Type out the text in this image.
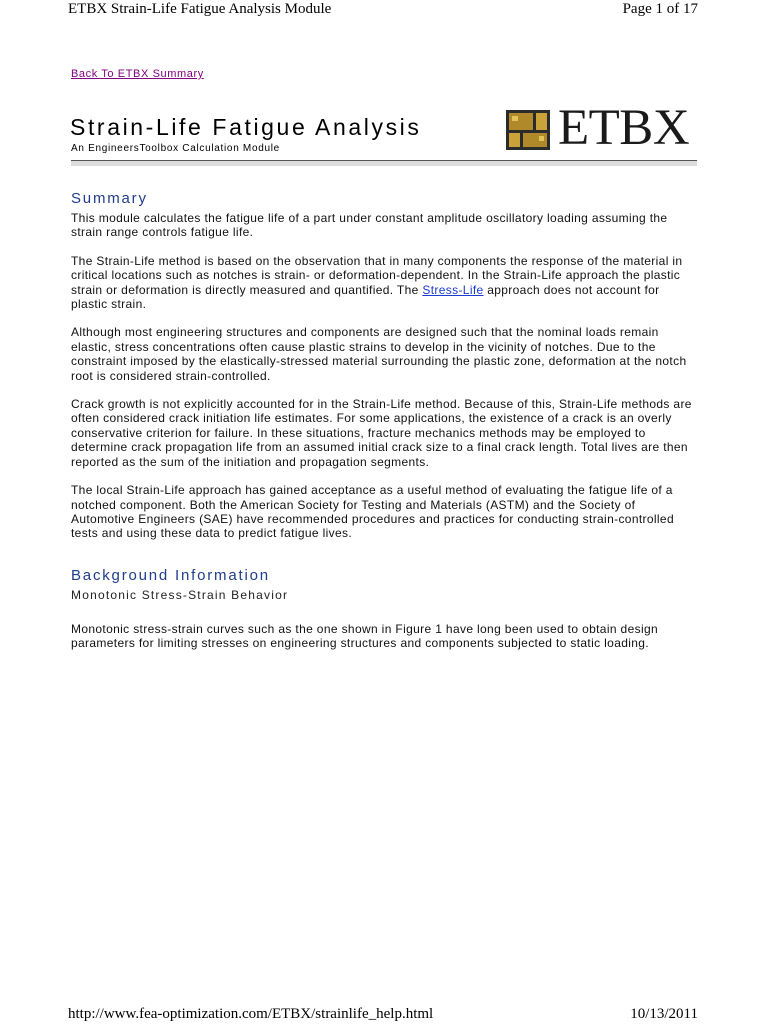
ETBX Strain-Life Fatigue Analysis Module	Page 1 of 17
Back To ETBX Summary
Strain-Life Fatigue Analysis
An EngineersToolbox Calculation Module	ETBX
Summary

This module calculates the fatigue life of a part under constant amplitude oscillatory loading assuming the strain range controls fatigue life.

The Strain-Life method is based on the observation that in many components the response of the material in critical locations such as notches is strain- or deformation-dependent. In the Strain-Life approach the plastic strain or deformation is directly measured and quantified. The Stress-Life approach does not account for plastic strain.

Although most engineering structures and components are designed such that the nominal loads remain elastic, stress concentrations often cause plastic strains to develop in the vicinity of notches. Due to the constraint imposed by the elastically-stressed material surrounding the plastic zone, deformation at the notch root is considered strain-controlled.

Crack growth is not explicitly accounted for in the Strain-Life method. Because of this, Strain-Life methods are often considered crack initiation life estimates. For some applications, the existence of a crack is an overly conservative criterion for failure. In these situations, fracture mechanics methods may be employed to determine crack propagation life from an assumed initial crack size to a final crack length. Total lives are then reported as the sum of the initiation and propagation segments.

The local Strain-Life approach has gained acceptance as a useful method of evaluating the fatigue life of a notched component. Both the American Society for Testing and Materials (ASTM) and the Society of Automotive Engineers (SAE) have recommended procedures and practices for conducting strain-controlled tests and using these data to predict fatigue lives.

Background Information
Monotonic Stress-Strain Behavior

Monotonic stress-strain curves such as the one shown in Figure 1 have long been used to obtain design parameters for limiting stresses on engineering structures and components subjected to static loading.

http://www.fea-optimization.com/ETBX/strainlife_help.html	10/13/2011
